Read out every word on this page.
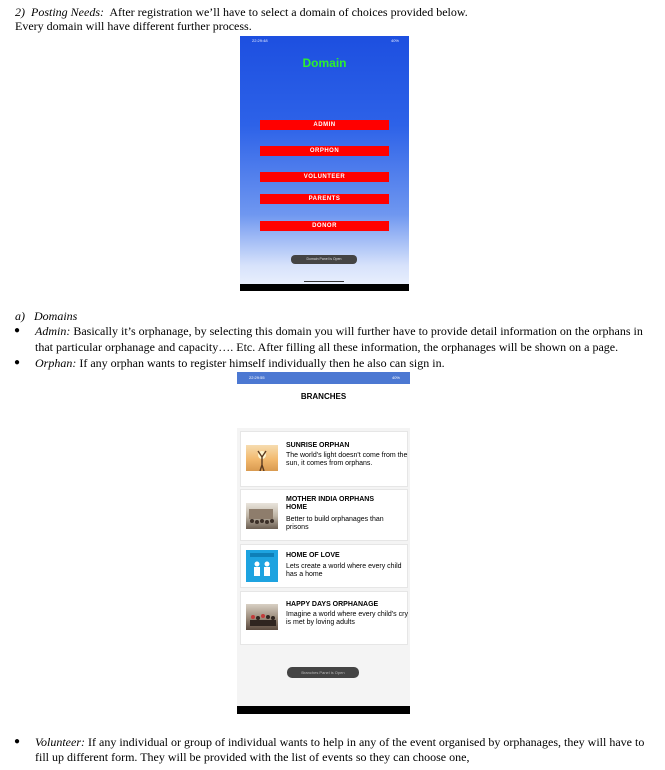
2) Posting Needs: After registration we’ll have to select a domain of choices provided below.
Every domain will have different further process.
22:29:48	40%
Domain
ADMIN
ORPHON
VOLUNTEER
PARENTS
DONOR
Domain Panel is Open
a) Domains
● Admin: Basically it’s orphanage, by selecting this domain you will further have to provide detail information on the orphans in
that particular orphanage and capacity…. Etc. After filling all these information, the orphanages will be shown on a page.
● Orphan: If any orphan wants to register himself individually then he also can sign in.
22:29:55	40%
BRANCHES
SUNRISE ORPHAN
The world's light doesn't come from the sun, it comes from orphans.
MOTHER INDIA ORPHANS HOME
Better to build orphanages than prisons
HOME OF LOVE
Lets create a world where every child has a home
HAPPY DAYS ORPHANAGE
Imagine a world where every child's cry is met by loving adults
Branches Panel is Open
● Volunteer: If any individual or group of individual wants to help in any of the event organised by orphanages, they will have to
fill up different form. They will be provided with the list of events so they can choose one,
